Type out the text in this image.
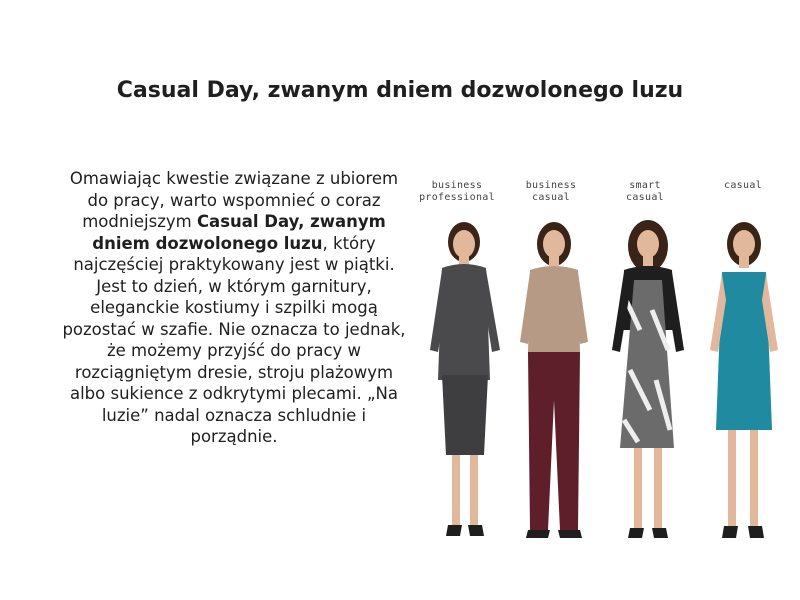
Casual Day, zwanym dniem dozwolonego luzu
Omawiając kwestie związane z ubiorem do pracy, warto wspomnieć o coraz modniejszym Casual Day, zwanym dniem dozwolonego luzu, który najczęściej praktykowany jest w piątki. Jest to dzień, w którym garnitury, eleganckie kostiumy i szpilki mogą pozostać w szafie. Nie oznacza to jednak, że możemy przyjść do pracy w rozciągniętym dresie, stroju plażowym albo sukience z odkrytymi plecami. „Na luzie” nadal oznacza schludnie i porządnie.
business
professional
business
casual
smart
casual
casual
